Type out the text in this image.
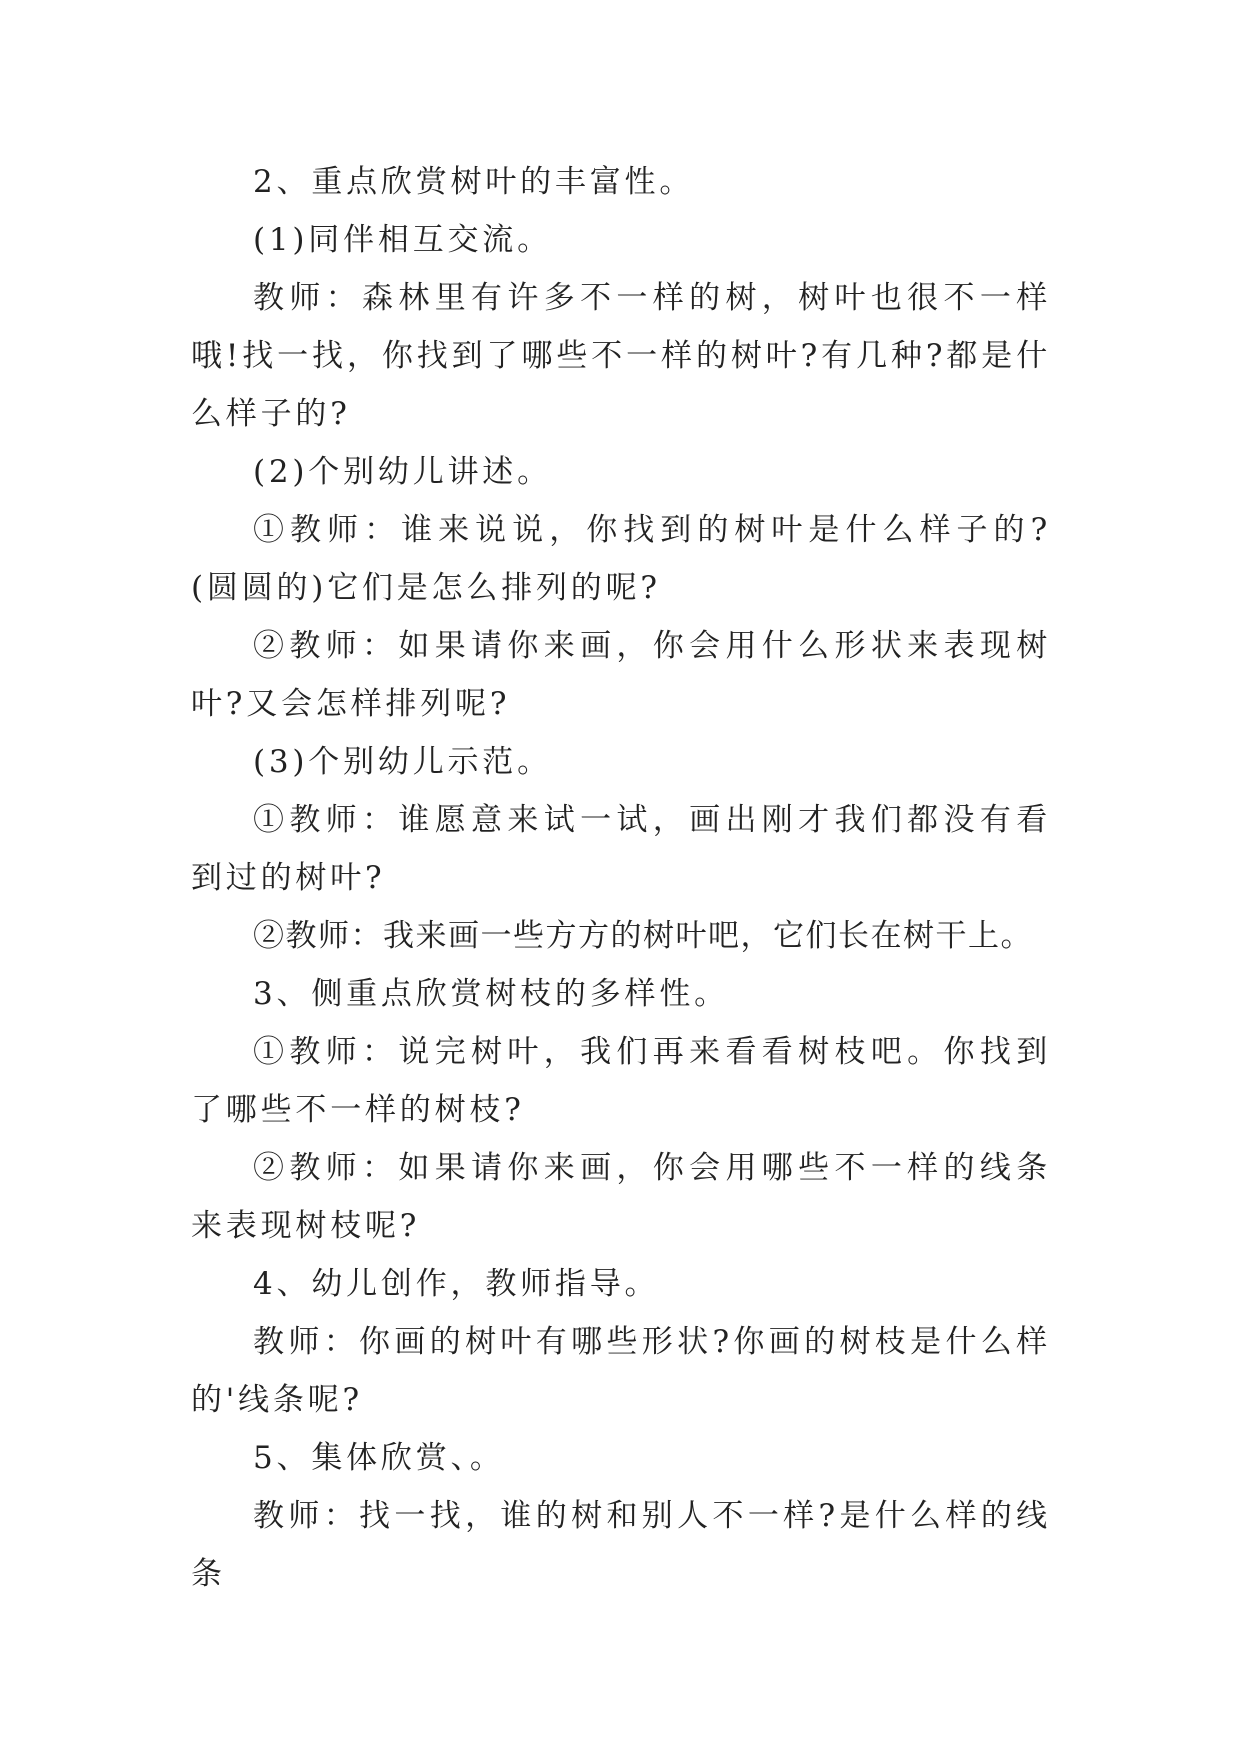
2、重点欣赏树叶的丰富性。

(1)同伴相互交流。

教师：森林里有许多不一样的树，树叶也很不一样哦!找一找，你找到了哪些不一样的树叶?有几种?都是什么样子的?

(2)个别幼儿讲述。

①教师：谁来说说，你找到的树叶是什么样子的?(圆圆的)它们是怎么排列的呢?

②教师：如果请你来画，你会用什么形状来表现树叶?又会怎样排列呢?

(3)个别幼儿示范。

①教师：谁愿意来试一试，画出刚才我们都没有看到过的树叶?

②教师：我来画一些方方的树叶吧，它们长在树干上。

3、侧重点欣赏树枝的多样性。

①教师：说完树叶，我们再来看看树枝吧。你找到了哪些不一样的树枝?

②教师：如果请你来画，你会用哪些不一样的线条来表现树枝呢?

4、幼儿创作，教师指导。

教师：你画的树叶有哪些形状?你画的树枝是什么样的'线条呢?

5、集体欣赏、。

教师：找一找，谁的树和别人不一样?是什么样的线条
